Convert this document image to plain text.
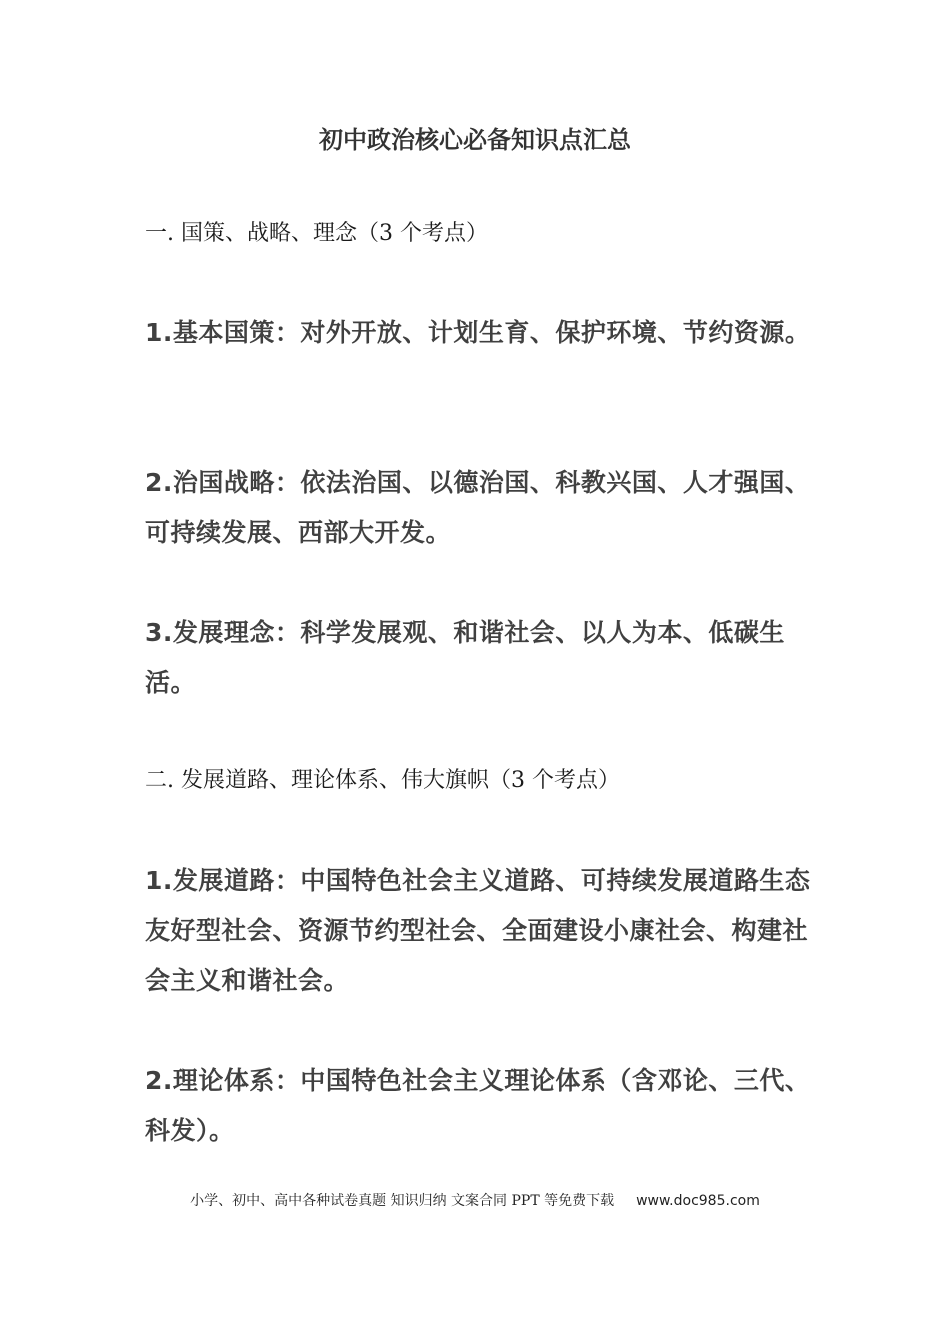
初中政治核心必备知识点汇总
一. 国策、战略、理念（3 个考点）
1.基本国策：对外开放、计划生育、保护环境、节约资源。
2.治国战略：依法治国、以德治国、科教兴国、人才强国、可持续发展、西部大开发。
3.发展理念：科学发展观、和谐社会、以人为本、低碳生活。
二. 发展道路、理论体系、伟大旗帜（3 个考点）
1.发展道路：中国特色社会主义道路、可持续发展道路生态友好型社会、资源节约型社会、全面建设小康社会、构建社会主义和谐社会。
2.理论体系：中国特色社会主义理论体系（含邓论、三代、科发）。
小学、初中、高中各种试卷真题 知识归纳 文案合同 PPT 等免费下载 www.doc985.com
